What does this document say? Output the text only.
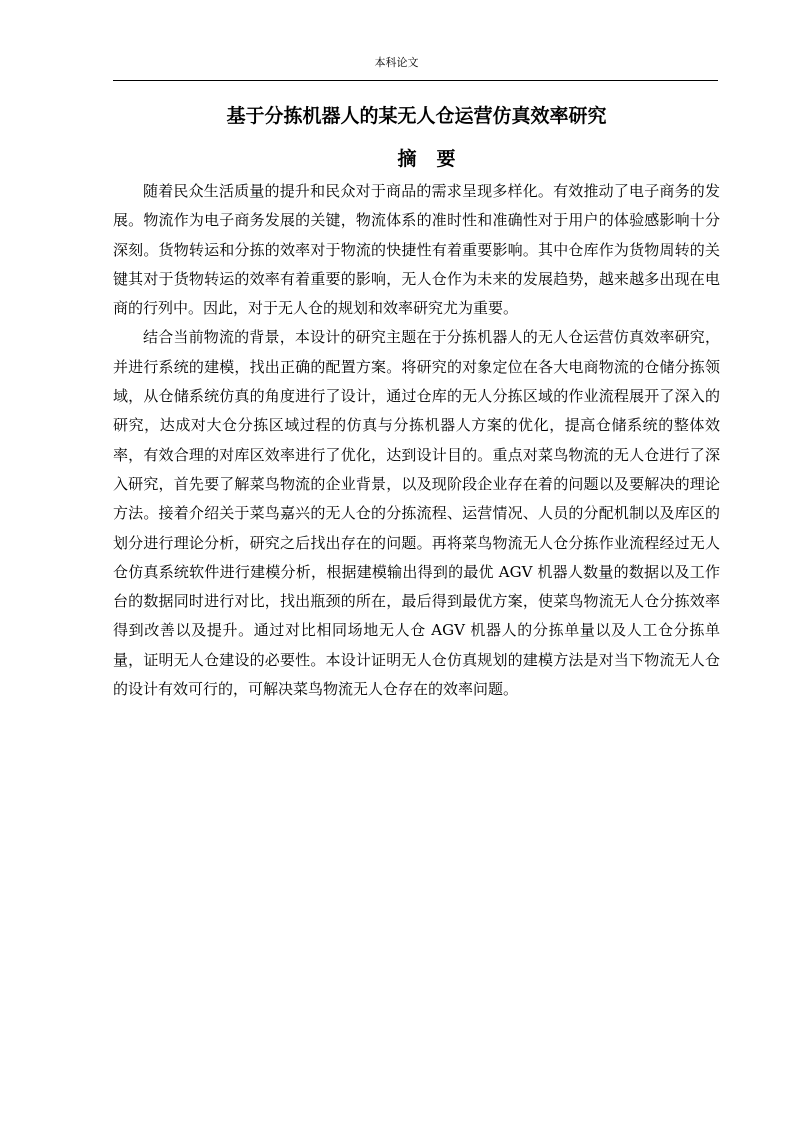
本科论文
基于分拣机器人的某无人仓运营仿真效率研究
摘要

随着民众生活质量的提升和民众对于商品的需求呈现多样化。有效推动了电子商务的发展。物流作为电子商务发展的关键，物流体系的准时性和准确性对于用户的体验感影响十分深刻。货物转运和分拣的效率对于物流的快捷性有着重要影响。其中仓库作为货物周转的关键其对于货物转运的效率有着重要的影响，无人仓作为未来的发展趋势，越来越多出现在电商的行列中。因此，对于无人仓的规划和效率研究尤为重要。

结合当前物流的背景，本设计的研究主题在于分拣机器人的无人仓运营仿真效率研究，并进行系统的建模，找出正确的配置方案。将研究的对象定位在各大电商物流的仓储分拣领域，从仓储系统仿真的角度进行了设计，通过仓库的无人分拣区域的作业流程展开了深入的研究，达成对大仓分拣区域过程的仿真与分拣机器人方案的优化，提高仓储系统的整体效率，有效合理的对库区效率进行了优化，达到设计目的。重点对菜鸟物流的无人仓进行了深入研究，首先要了解菜鸟物流的企业背景，以及现阶段企业存在着的问题以及要解决的理论方法。接着介绍关于菜鸟嘉兴的无人仓的分拣流程、运营情况、人员的分配机制以及库区的划分进行理论分析，研究之后找出存在的问题。再将菜鸟物流无人仓分拣作业流程经过无人仓仿真系统软件进行建模分析，根据建模输出得到的最优 AGV 机器人数量的数据以及工作台的数据同时进行对比，找出瓶颈的所在，最后得到最优方案，使菜鸟物流无人仓分拣效率得到改善以及提升。通过对比相同场地无人仓 AGV 机器人的分拣单量以及人工仓分拣单量，证明无人仓建设的必要性。本设计证明无人仓仿真规划的建模方法是对当下物流无人仓的设计有效可行的，可解决菜鸟物流无人仓存在的效率问题。
